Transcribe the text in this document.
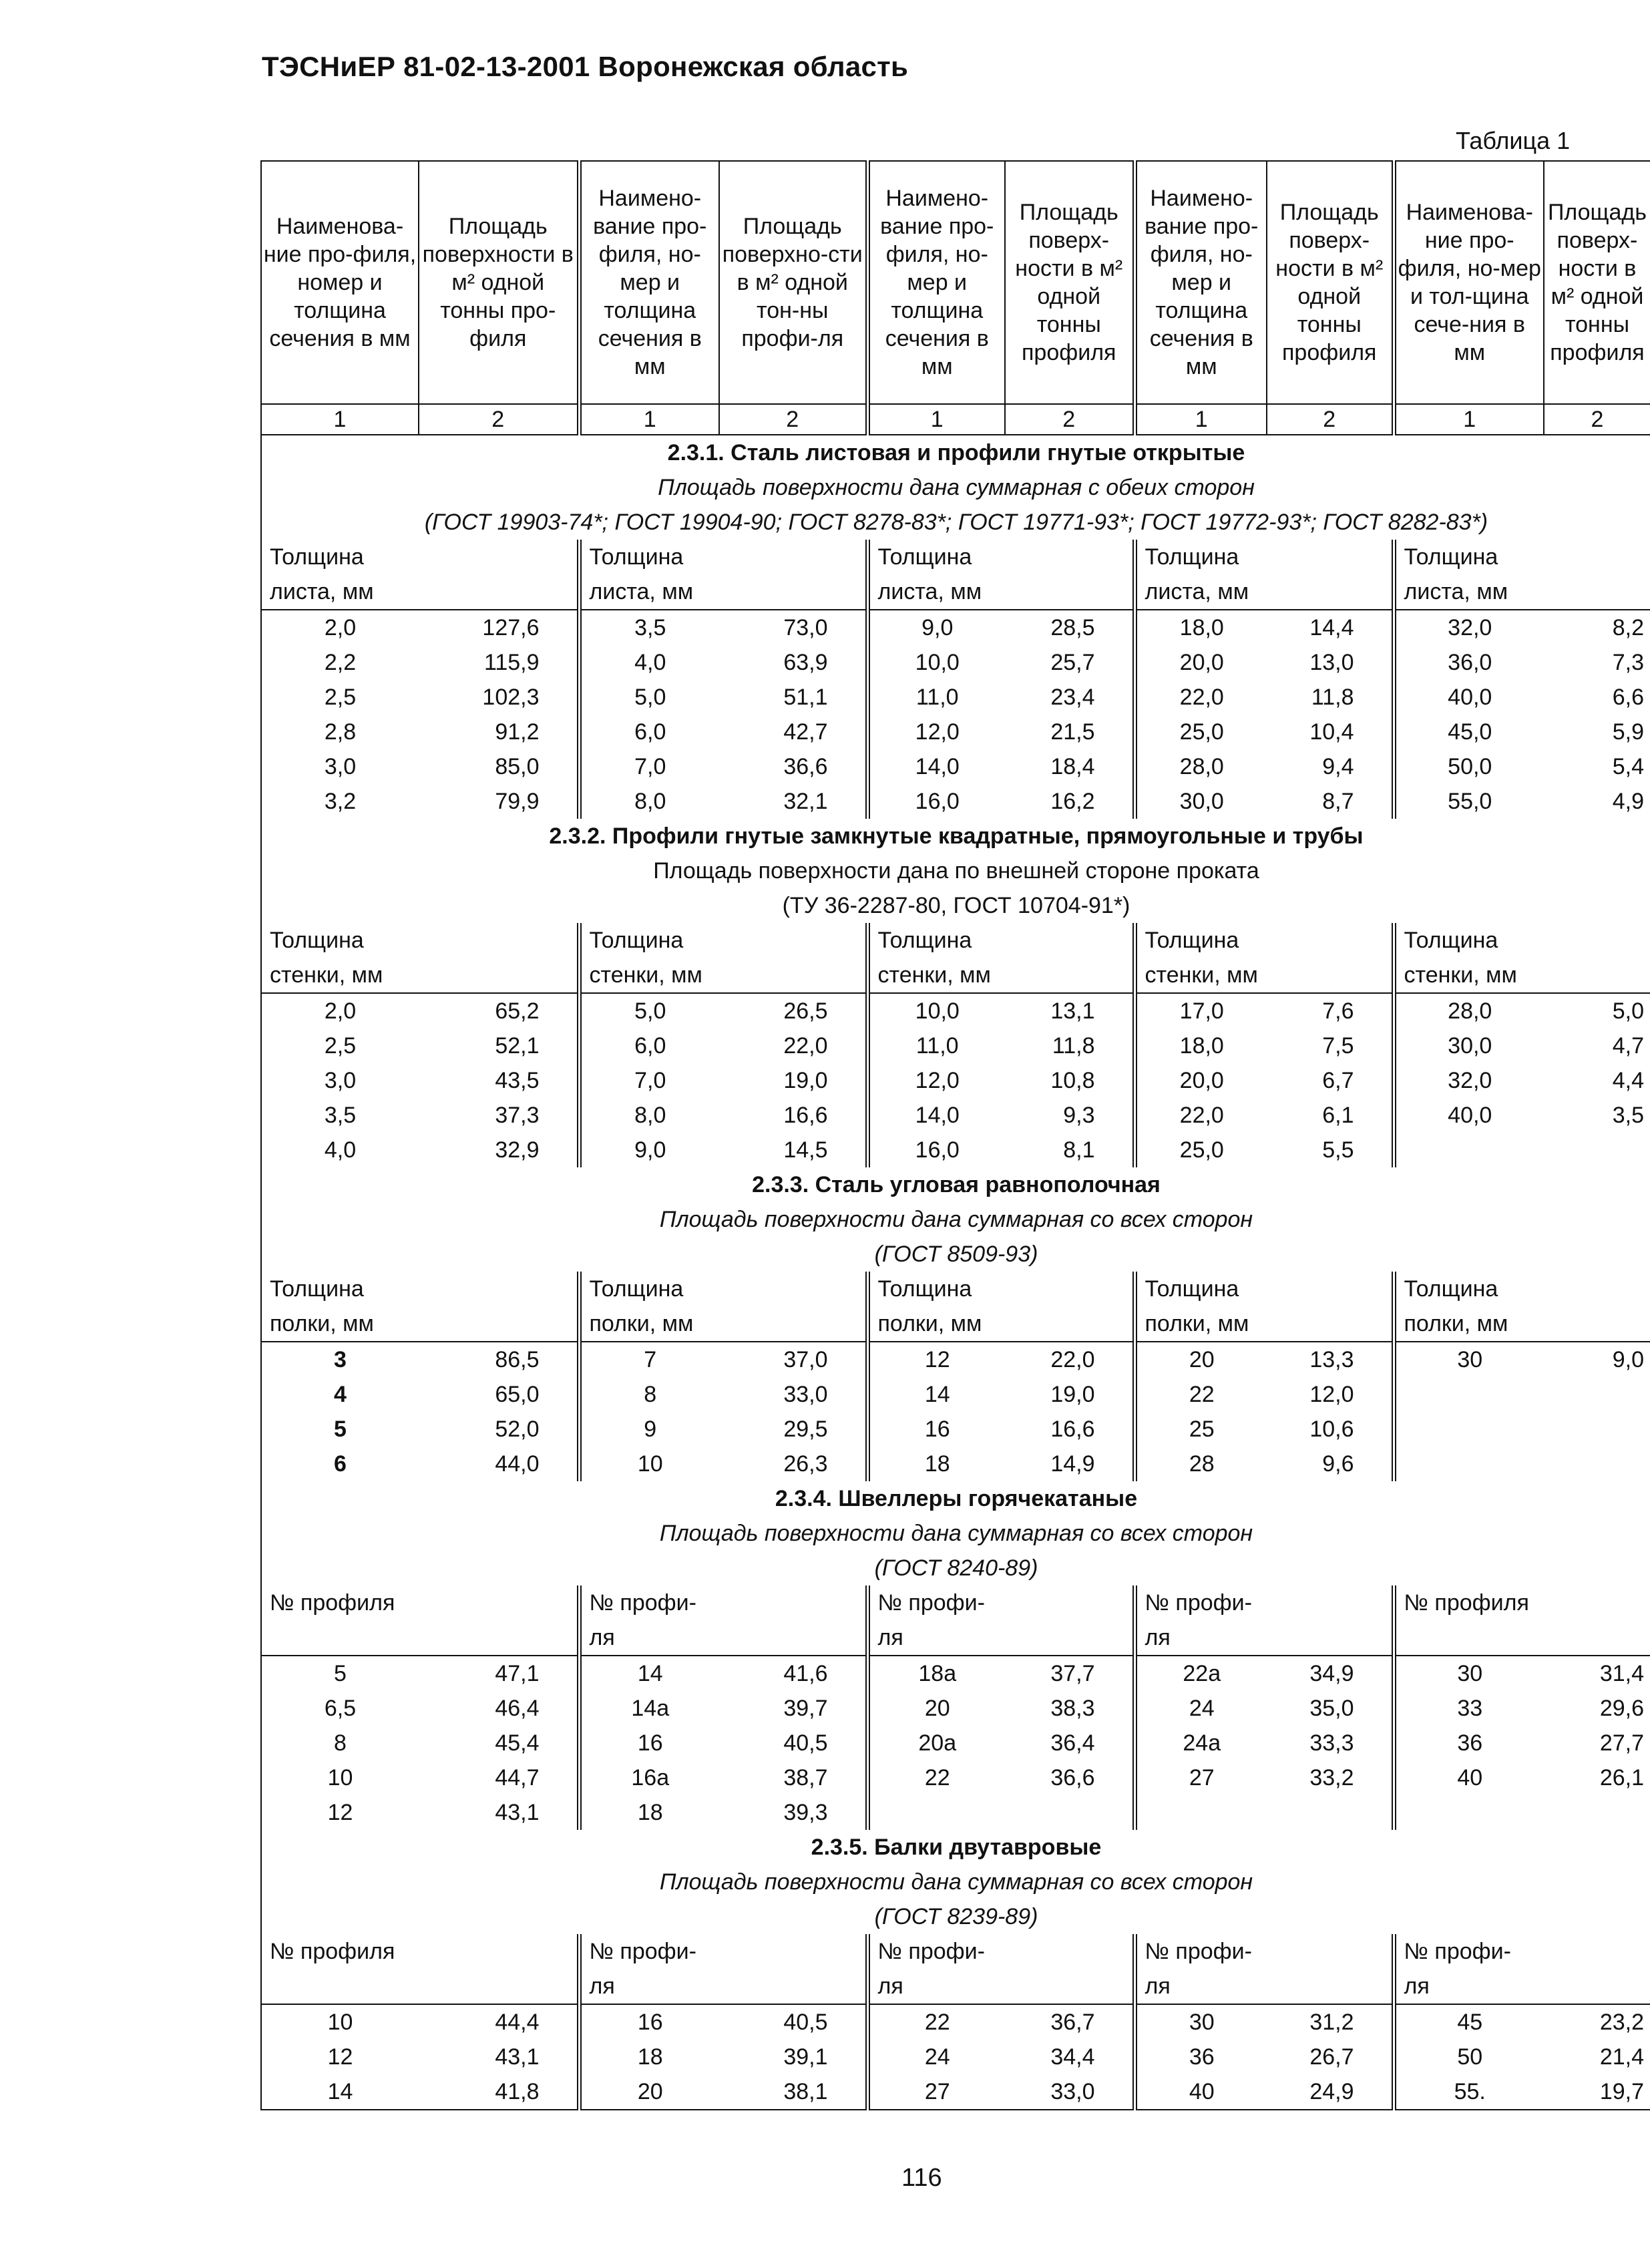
ТЭСНиЕР 81-02-13-2001 Воронежская область
Таблица 1
Наименова-ние про-филя, номер и толщина сечения в мм	Площадь поверхности в м² одной тонны про-филя	Наимено-вание про-филя, но-мер и толщина сечения в мм	Площадь поверхно-сти в м² одной тон-ны профи-ля	Наимено-вание про-филя, но-мер и толщина сечения в мм	Площадь поверх-ности в м² одной тонны профиля	Наимено-вание про-филя, но-мер и толщина сечения в мм	Площадь поверх-ности в м² одной тонны профиля	Наименова-ние про-филя, но-мер и тол-щина сече-ния в мм	Площадь поверх-ности в м² одной тонны профиля
1	2	1	2	1	2	1	2	1	2
2.3.1. Сталь листовая и профили гнутые открытые									
Площадь поверхности дана суммарная с обеих сторон									
(ГОСТ 19903-74*; ГОСТ 19904-90; ГОСТ 8278-83*; ГОСТ 19771-93*; ГОСТ 19772-93*; ГОСТ 8282-83*)									
Толщина		Толщина		Толщина		Толщина		Толщина	
листа, мм		листа, мм		листа, мм		листа, мм		листа, мм	
2,0	127,6	3,5	73,0	9,0	28,5	18,0	14,4	32,0	8,2
2,2	115,9	4,0	63,9	10,0	25,7	20,0	13,0	36,0	7,3
2,5	102,3	5,0	51,1	11,0	23,4	22,0	11,8	40,0	6,6
2,8	91,2	6,0	42,7	12,0	21,5	25,0	10,4	45,0	5,9
3,0	85,0	7,0	36,6	14,0	18,4	28,0	9,4	50,0	5,4
3,2	79,9	8,0	32,1	16,0	16,2	30,0	8,7	55,0	4,9
2.3.2. Профили гнутые замкнутые квадратные, прямоугольные и трубы									
Площадь поверхности дана по внешней стороне проката									
(ТУ 36-2287-80, ГОСТ 10704-91*)									
Толщина		Толщина		Толщина		Толщина		Толщина	
стенки, мм		стенки, мм		стенки, мм		стенки, мм		стенки, мм	
2,0	65,2	5,0	26,5	10,0	13,1	17,0	7,6	28,0	5,0
2,5	52,1	6,0	22,0	11,0	11,8	18,0	7,5	30,0	4,7
3,0	43,5	7,0	19,0	12,0	10,8	20,0	6,7	32,0	4,4
3,5	37,3	8,0	16,6	14,0	9,3	22,0	6,1	40,0	3,5
4,0	32,9	9,0	14,5	16,0	8,1	25,0	5,5		
2.3.3. Сталь угловая равнополочная									
Площадь поверхности дана суммарная со всех сторон									
(ГОСТ 8509-93)									
Толщина		Толщина		Толщина		Толщина		Толщина	
полки, мм		полки, мм		полки, мм		полки, мм		полки, мм	
3	86,5	7	37,0	12	22,0	20	13,3	30	9,0
4	65,0	8	33,0	14	19,0	22	12,0		
5	52,0	9	29,5	16	16,6	25	10,6		
6	44,0	10	26,3	18	14,9	28	9,6		
2.3.4. Швеллеры горячекатаные									
Площадь поверхности дана суммарная со всех сторон									
(ГОСТ 8240-89)									
№ профиля		№ профи-		№ профи-		№ профи-		№ профиля	
		ля		ля		ля			
5	47,1	14	41,6	18а	37,7	22а	34,9	30	31,4
6,5	46,4	14а	39,7	20	38,3	24	35,0	33	29,6
8	45,4	16	40,5	20а	36,4	24а	33,3	36	27,7
10	44,7	16а	38,7	22	36,6	27	33,2	40	26,1
12	43,1	18	39,3						
2.3.5. Балки двутавровые									
Площадь поверхности дана суммарная со всех сторон									
(ГОСТ 8239-89)									
№ профиля		№ профи-		№ профи-		№ профи-		№ профи-	
		ля		ля		ля		ля	
10	44,4	16	40,5	22	36,7	30	31,2	45	23,2
12	43,1	18	39,1	24	34,4	36	26,7	50	21,4
14	41,8	20	38,1	27	33,0	40	24,9	55.	19,7
116
